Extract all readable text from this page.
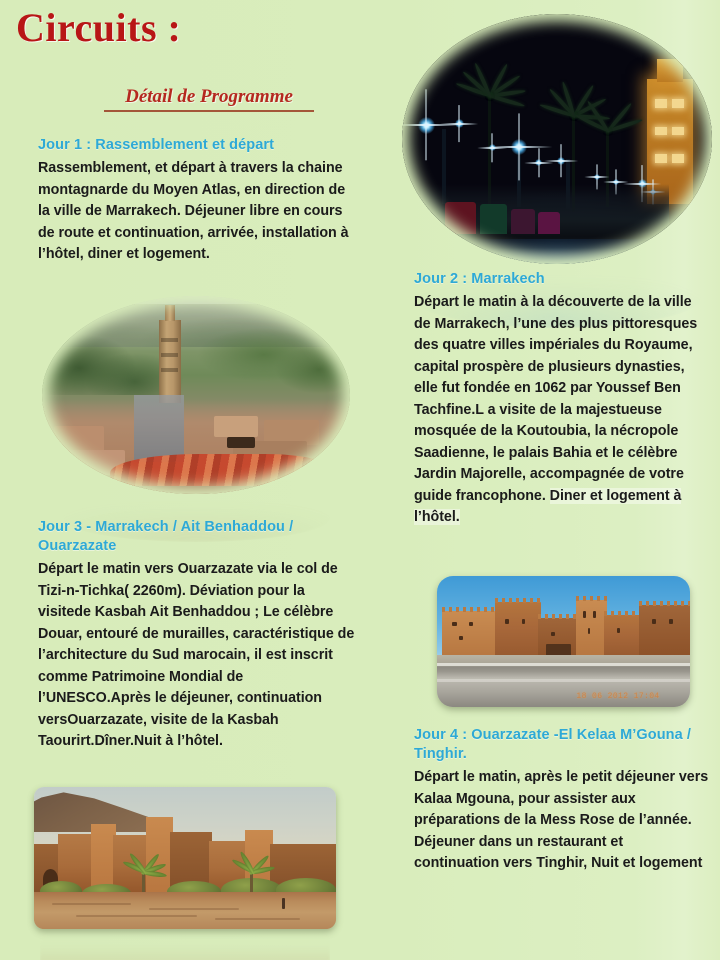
Circuits :
Détail de Programme

Jour 1 : Rassemblement et départ

Rassemblement, et départ à travers la chaine montagnarde du Moyen Atlas, en direction de la ville de Marrakech. Déjeuner libre en cours de route et continuation, arrivée, installation à l’hôtel, diner et logement.

Jour 2 : Marrakech

Départ le matin à la découverte de la ville de Marrakech, l’une des plus pittoresques des quatre villes impériales du Royaume, capital prospère de plusieurs dynasties, elle fut fondée en 1062 par Youssef Ben Tachfine.L a visite de la majestueuse mosquée de la Koutoubia, la nécropole Saadienne, le palais Bahia et le célèbre Jardin Majorelle, accompagnée de votre guide francophone. Diner et logement à l’hôtel.

Jour 3 - Marrakech / Ait Benhaddou / Ouarzazate

Départ le matin vers Ouarzazate via le col de Tizi-n-Tichka( 2260m). Déviation pour la visitede Kasbah Ait Benhaddou ; Le célèbre Douar, entouré de murailles, caractéristique de l’architecture du Sud marocain, il est inscrit comme Patrimoine Mondial de l’UNESCO.Après le déjeuner, continuation versOuarzazate, visite de la Kasbah Taourirt.Dîner.Nuit à l’hôtel.

18 06 2012 17:04

Jour 4 : Ouarzazate -El Kelaa M’Gouna / Tinghir.

Départ le matin, après le petit déjeuner vers Kalaa Mgouna, pour assister aux préparations de la Mess Rose de l’année. Déjeuner dans un restaurant et continuation vers Tinghir, Nuit et logement
